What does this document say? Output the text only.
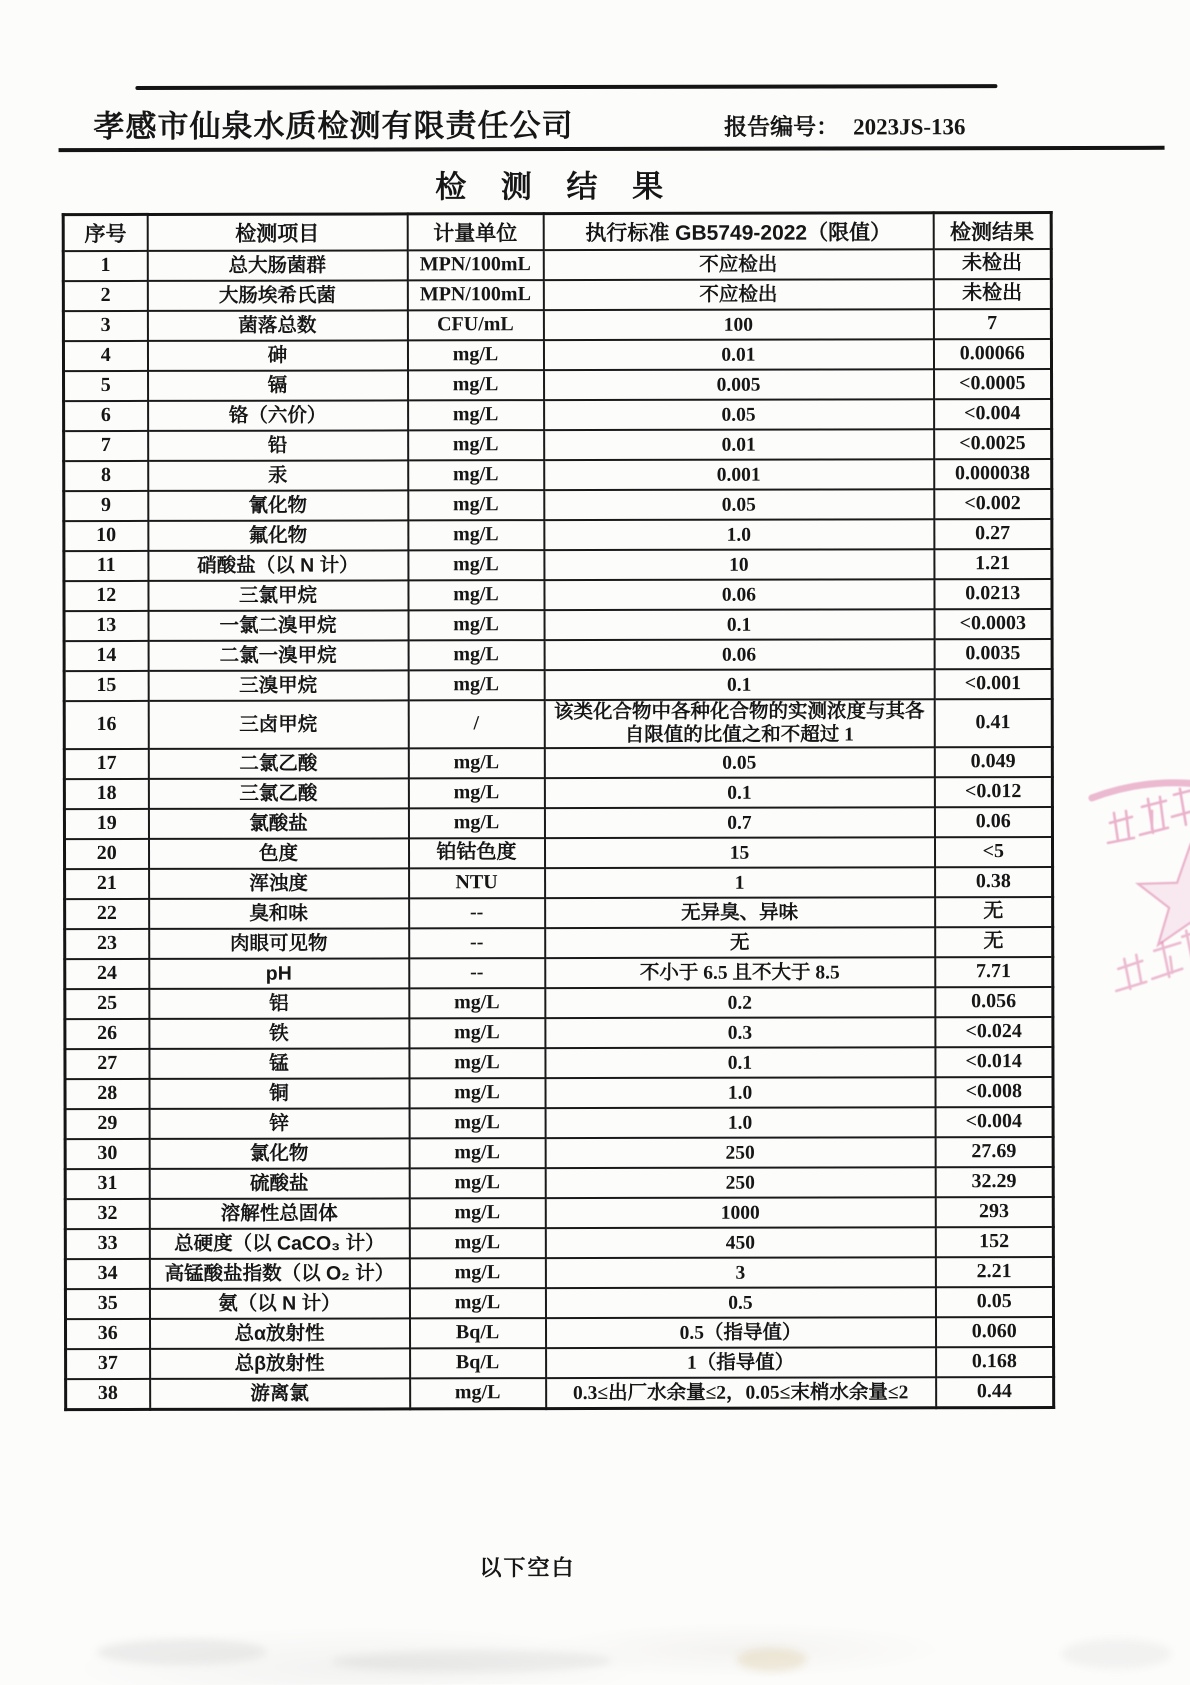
孝感市仙泉水质检测有限责任公司	报告编号： 2023JS-136
检 测 结 果
序号	检测项目	计量单位	执行标准 GB5749-2022（限值）	检测结果
1	总大肠菌群	MPN/100mL	不应检出	未检出
2	大肠埃希氏菌	MPN/100mL	不应检出	未检出
3	菌落总数	CFU/mL	100	7
4	砷	mg/L	0.01	0.00066
5	镉	mg/L	0.005	<0.0005
6	铬（六价）	mg/L	0.05	<0.004
7	铅	mg/L	0.01	<0.0025
8	汞	mg/L	0.001	0.000038
9	氰化物	mg/L	0.05	<0.002
10	氟化物	mg/L	1.0	0.27
11	硝酸盐（以 N 计）	mg/L	10	1.21
12	三氯甲烷	mg/L	0.06	0.0213
13	一氯二溴甲烷	mg/L	0.1	<0.0003
14	二氯一溴甲烷	mg/L	0.06	0.0035
15	三溴甲烷	mg/L	0.1	<0.001
16	三卤甲烷	/	该类化合物中各种化合物的实测浓度与其各自限值的比值之和不超过 1	0.41
17	二氯乙酸	mg/L	0.05	0.049
18	三氯乙酸	mg/L	0.1	<0.012
19	氯酸盐	mg/L	0.7	0.06
20	色度	铂钴色度	15	<5
21	浑浊度	NTU	1	0.38
22	臭和味	--	无异臭、异味	无
23	肉眼可见物	--	无	无
24	pH	--	不小于 6.5 且不大于 8.5	7.71
25	铝	mg/L	0.2	0.056
26	铁	mg/L	0.3	<0.024
27	锰	mg/L	0.1	<0.014
28	铜	mg/L	1.0	<0.008
29	锌	mg/L	1.0	<0.004
30	氯化物	mg/L	250	27.69
31	硫酸盐	mg/L	250	32.29
32	溶解性总固体	mg/L	1000	293
33	总硬度（以 CaCO₃ 计）	mg/L	450	152
34	高锰酸盐指数（以 O₂ 计）	mg/L	3	2.21
35	氨（以 N 计）	mg/L	0.5	0.05
36	总α放射性	Bq/L	0.5（指导值）	0.060
37	总β放射性	Bq/L	1（指导值）	0.168
38	游离氯	mg/L	0.3≤出厂水余量≤2，0.05≤末梢水余量≤2	0.44
以下空白
